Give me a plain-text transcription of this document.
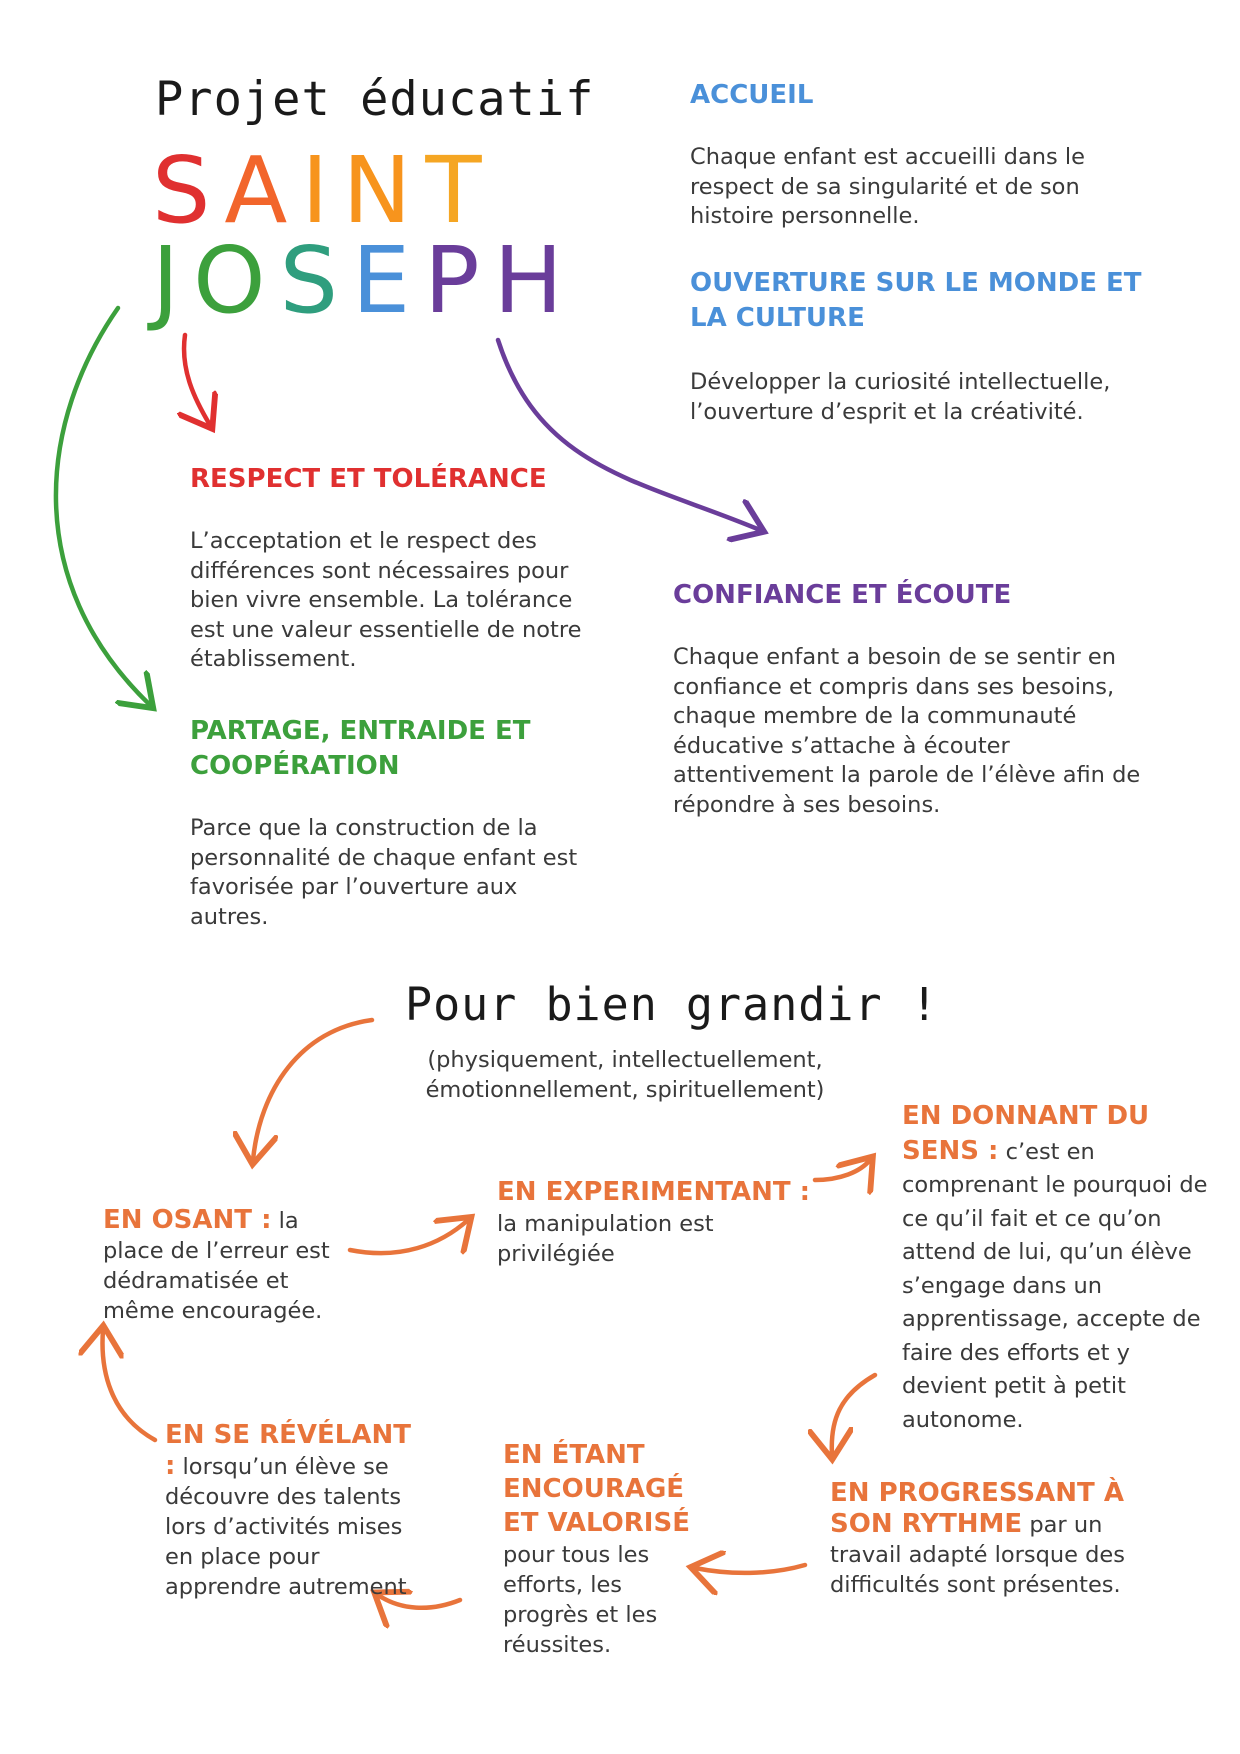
Projet éducatif
SAINT
JOSEPH

ACCUEIL

Chaque enfant est accueilli dans le respect de sa singularité et de son histoire personnelle.

OUVERTURE SUR LE MONDE ET LA CULTURE

Développer la curiosité intellectuelle, l’ouverture d’esprit et la créativité.

RESPECT ET TOLÉRANCE

L’acceptation et le respect des différences sont nécessaires pour bien vivre ensemble. La tolérance est une valeur essentielle de notre établissement.

CONFIANCE ET ÉCOUTE

Chaque enfant a besoin de se sentir en confiance et compris dans ses besoins, chaque membre de la communauté éducative s’attache à écouter attentivement la parole de l’élève afin de répondre à ses besoins.

PARTAGE, ENTRAIDE ET COOPÉRATION

Parce que la construction de la personnalité de chaque enfant est favorisée par l’ouverture aux autres.

Pour bien grandir !
(physiquement, intellectuellement, émotionnellement, spirituellement)
EN OSANT : la place de l’erreur est dédramatisée et même encouragée.
EN EXPERIMENTANT :
la manipulation est privilégiée
EN DONNANT DU SENS : c’est en comprenant le pourquoi de ce qu’il fait et ce qu’on attend de lui, qu’un élève s’engage dans un apprentissage, accepte de faire des efforts et y devient petit à petit autonome.
EN PROGRESSANT À SON RYTHME par un travail adapté lorsque des difficultés sont présentes.
EN ÉTANT ENCOURAGÉ ET VALORISÉ
pour tous les efforts, les progrès et les réussites.
EN SE RÉVÉLANT : lorsqu’un élève se découvre des talents lors d’activités mises en place pour apprendre autrement
